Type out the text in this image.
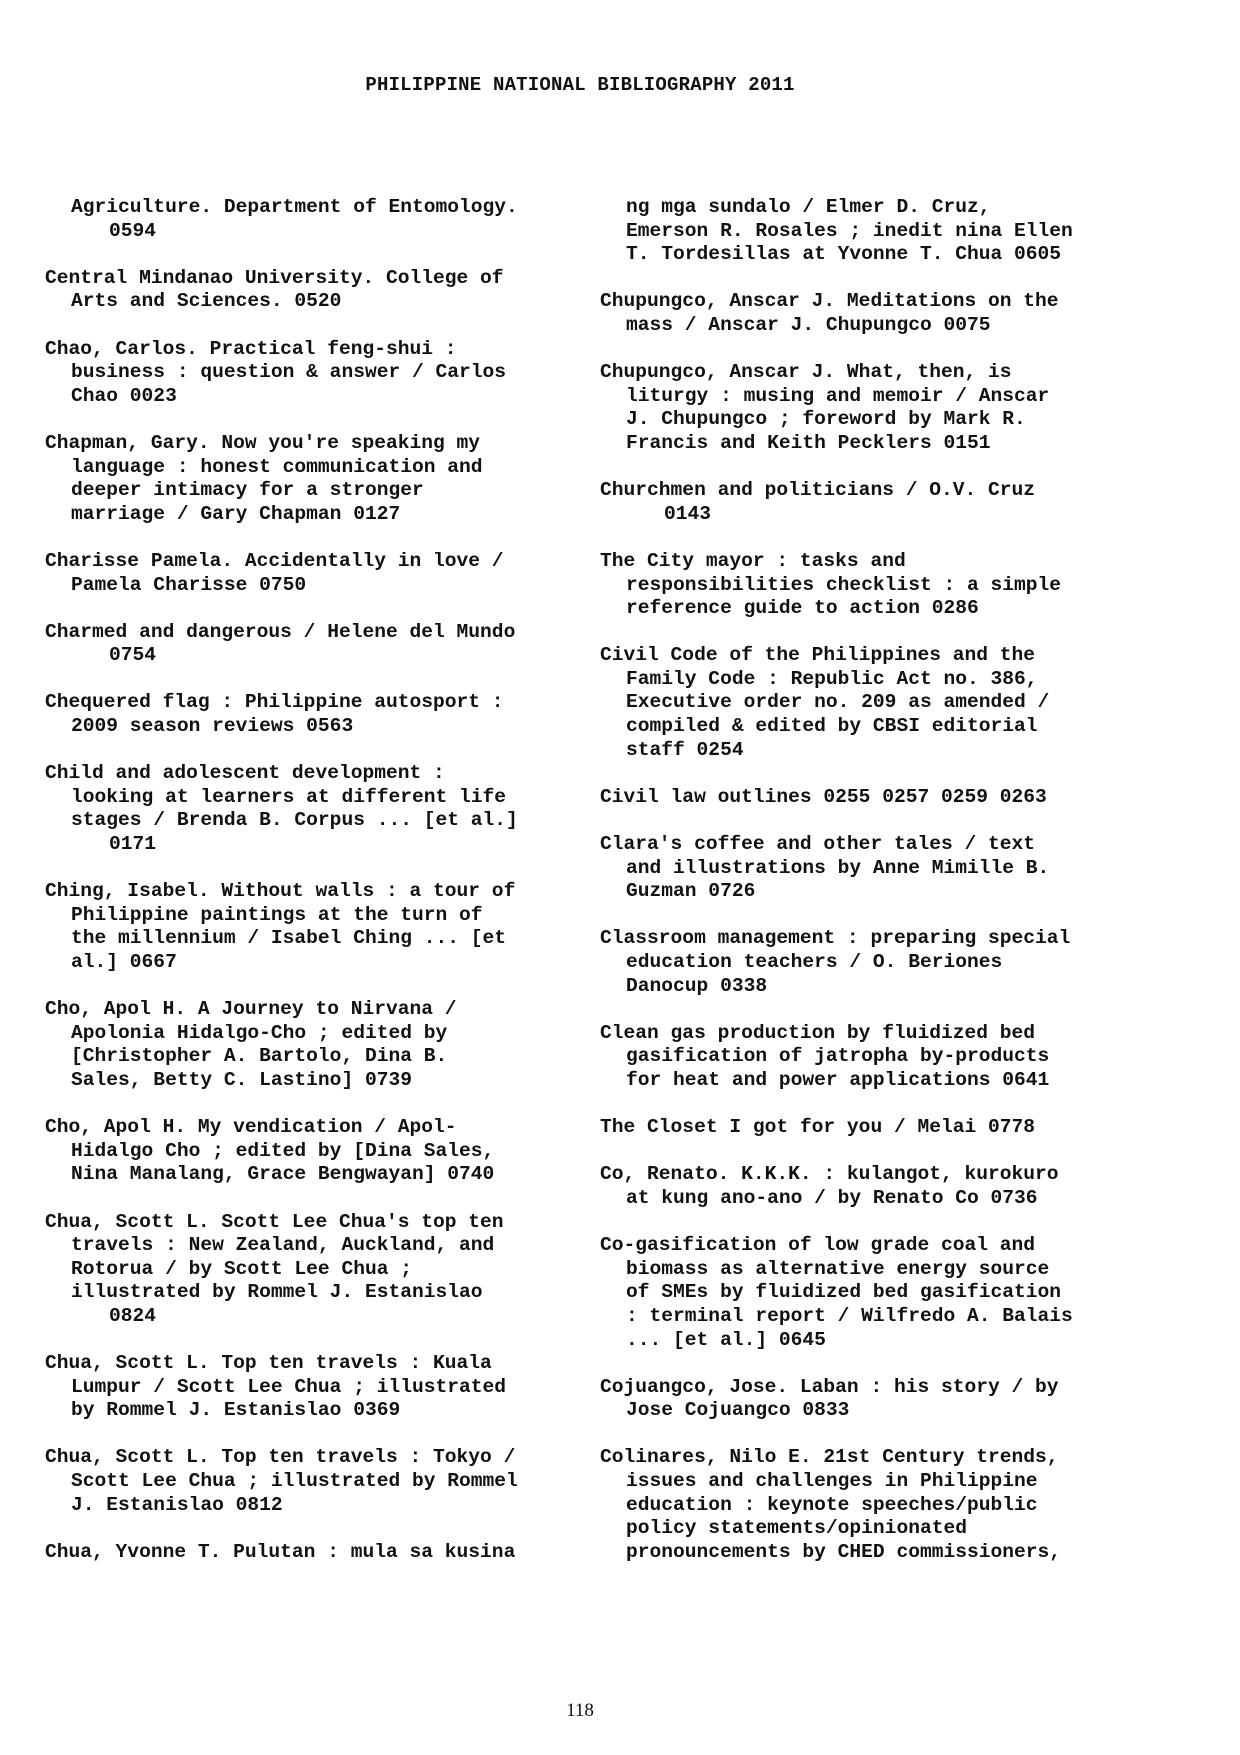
PHILIPPINE NATIONAL BIBLIOGRAPHY 2011
Agriculture. Department of Entomology.
0594
Central Mindanao University. College of
Arts and Sciences. 0520
Chao, Carlos. Practical feng-shui :
business : question & answer / Carlos
Chao 0023
Chapman, Gary. Now you're speaking my
language : honest communication and
deeper intimacy for a stronger
marriage / Gary Chapman 0127
Charisse Pamela. Accidentally in love /
Pamela Charisse 0750
Charmed and dangerous / Helene del Mundo
0754
Chequered flag : Philippine autosport :
2009 season reviews 0563
Child and adolescent development :
looking at learners at different life
stages / Brenda B. Corpus ... [et al.]
0171
Ching, Isabel. Without walls : a tour of
Philippine paintings at the turn of
the millennium / Isabel Ching ... [et
al.] 0667
Cho, Apol H. A Journey to Nirvana /
Apolonia Hidalgo-Cho ; edited by
[Christopher A. Bartolo, Dina B.
Sales, Betty C. Lastino] 0739
Cho, Apol H. My vendication / Apol-
Hidalgo Cho ; edited by [Dina Sales,
Nina Manalang, Grace Bengwayan] 0740
Chua, Scott L. Scott Lee Chua's top ten
travels : New Zealand, Auckland, and
Rotorua / by Scott Lee Chua ;
illustrated by Rommel J. Estanislao
0824
Chua, Scott L. Top ten travels : Kuala
Lumpur / Scott Lee Chua ; illustrated
by Rommel J. Estanislao 0369
Chua, Scott L. Top ten travels : Tokyo /
Scott Lee Chua ; illustrated by Rommel
J. Estanislao 0812
Chua, Yvonne T. Pulutan : mula sa kusina
ng mga sundalo / Elmer D. Cruz,
Emerson R. Rosales ; inedit nina Ellen
T. Tordesillas at Yvonne T. Chua 0605
Chupungco, Anscar J. Meditations on the
mass / Anscar J. Chupungco 0075
Chupungco, Anscar J. What, then, is
liturgy : musing and memoir / Anscar
J. Chupungco ; foreword by Mark R.
Francis and Keith Pecklers 0151
Churchmen and politicians / O.V. Cruz
0143
The City mayor : tasks and
responsibilities checklist : a simple
reference guide to action 0286
Civil Code of the Philippines and the
Family Code : Republic Act no. 386,
Executive order no. 209 as amended /
compiled & edited by CBSI editorial
staff 0254
Civil law outlines 0255 0257 0259 0263
Clara's coffee and other tales / text
and illustrations by Anne Mimille B.
Guzman 0726
Classroom management : preparing special
education teachers / O. Beriones
Danocup 0338
Clean gas production by fluidized bed
gasification of jatropha by-products
for heat and power applications 0641
The Closet I got for you / Melai 0778
Co, Renato. K.K.K. : kulangot, kurokuro
at kung ano-ano / by Renato Co 0736
Co-gasification of low grade coal and
biomass as alternative energy source
of SMEs by fluidized bed gasification
: terminal report / Wilfredo A. Balais
... [et al.] 0645
Cojuangco, Jose. Laban : his story / by
Jose Cojuangco 0833
Colinares, Nilo E. 21st Century trends,
issues and challenges in Philippine
education : keynote speeches/public
policy statements/opinionated
pronouncements by CHED commissioners,
118
